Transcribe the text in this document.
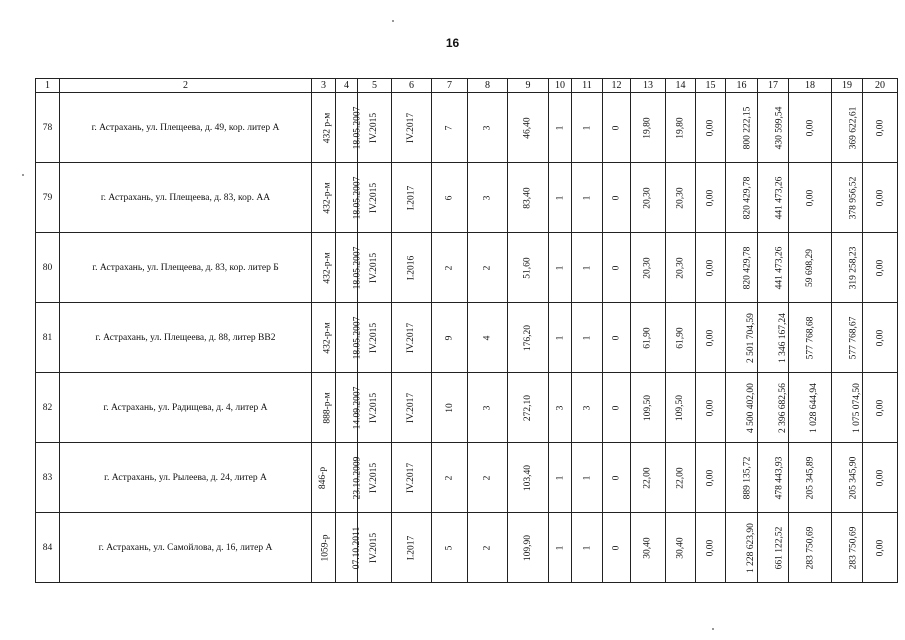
16
1	2	3	4	5	6	7	8	9	10	11	12	13	14	15	16	17	18	19	20
78	г. Астрахань, ул. Плещеева, д. 49, кор. литер А	432 р-м	18.05.2007	IV.2015	IV.2017	7	3	46,40	1	1	0	19,80	19,80	0,00	800 222,15	430 599,54	0,00	369 622,61	0,00
79	г. Астрахань, ул. Плещеева, д. 83, кор. АА	432-р-м	18.05.2007	IV.2015	I.2017	6	3	83,40	1	1	0	20,30	20,30	0,00	820 429,78	441 473,26	0,00	378 956,52	0,00
80	г. Астрахань, ул. Плещеева, д. 83, кор. литер Б	432-р-м	18.05.2007	IV.2015	I.2016	2	2	51,60	1	1	0	20,30	20,30	0,00	820 429,78	441 473,26	59 698,29	319 258,23	0,00
81	г. Астрахань, ул. Плещеева, д. 88, литер ВВ2	432-р-м	18.05.2007	IV.2015	IV.2017	9	4	176,20	1	1	0	61,90	61,90	0,00	2 501 704,59	1 346 167,24	577 768,68	577 768,67	0,00
82	г. Астрахань, ул. Радищева, д. 4, литер А	888-р-м	14.09.2007	IV.2015	IV.2017	10	3	272,10	3	3	0	109,50	109,50	0,00	4 500 402,00	2 396 682,56	1 028 644,94	1 075 074,50	0,00
83	г. Астрахань, ул. Рылеева, д. 24, литер А	846-р	23.10.2009	IV.2015	IV.2017	2	2	103,40	1	1	0	22,00	22,00	0,00	889 135,72	478 443,93	205 345,89	205 345,90	0,00
84	г. Астрахань, ул. Самойлова, д. 16, литер А	1059-р	07.10.2011	IV.2015	I.2017	5	2	109,90	1	1	0	30,40	30,40	0,00	1 228 623,90	661 122,52	283 750,69	283 750,69	0,00
